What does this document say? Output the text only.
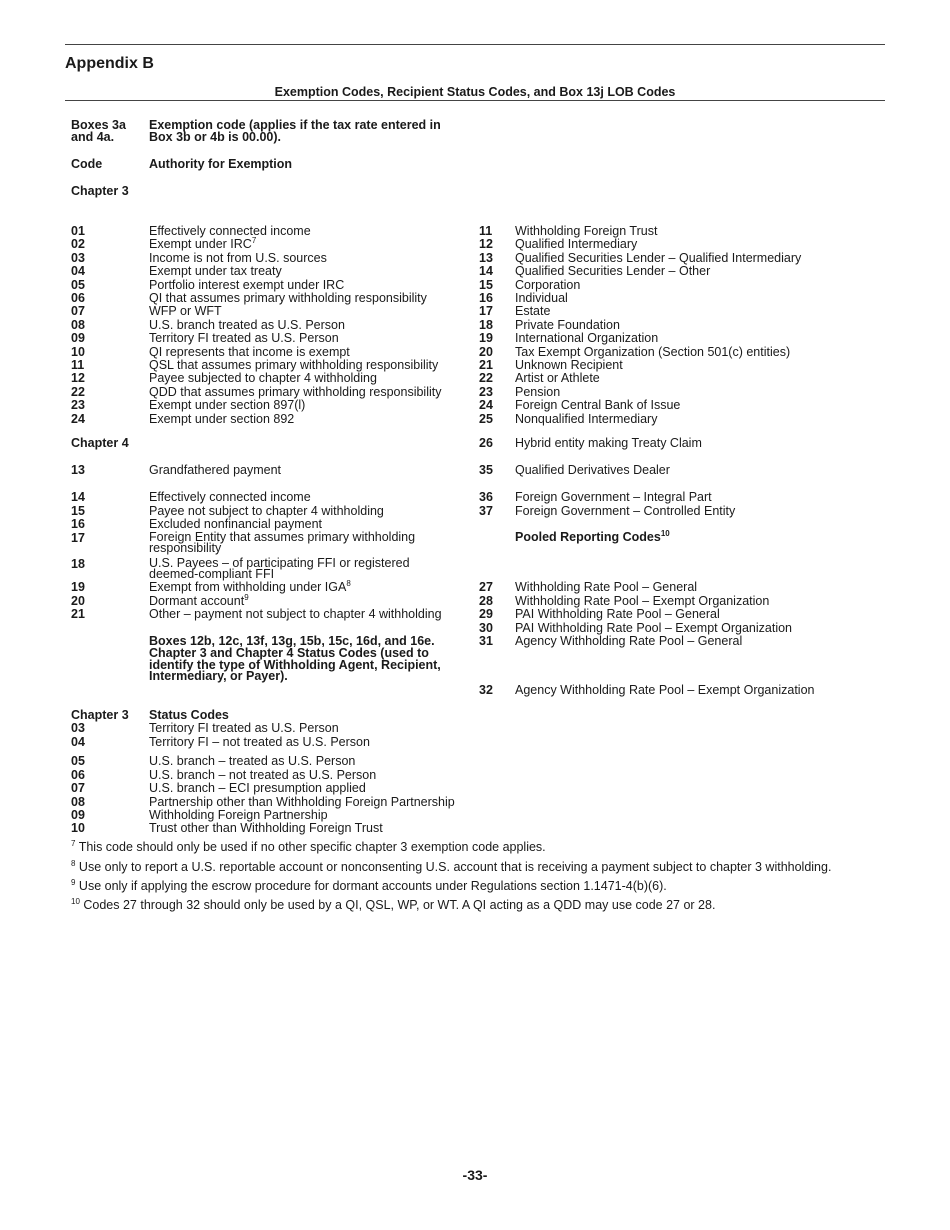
Appendix B
Exemption Codes, Recipient Status Codes, and Box 13j LOB Codes
Boxes 3a and 4a.
Exemption code (applies if the tax rate entered in Box 3b or 4b is 00.00).
Code	Authority for Exemption
Chapter 3
01	Effectively connected income
02	Exempt under IRC$^7$
03	Income is not from U.S. sources
04	Exempt under tax treaty
05	Portfolio interest exempt under IRC
06	QI that assumes primary withholding responsibility
07	WFP or WFT
08	U.S. branch treated as U.S. Person
09	Territory FI treated as U.S. Person
10	QI represents that income is exempt
11	QSL that assumes primary withholding responsibility
12	Payee subjected to chapter 4 withholding
22	QDD that assumes primary withholding responsibility
23	Exempt under section 897(l)
24	Exempt under section 892
Chapter 4
13	Grandfathered payment
14	Effectively connected income
15	Payee not subject to chapter 4 withholding
16	Excluded nonfinancial payment
17	Foreign Entity that assumes primary withholding responsibility
18	U.S. Payees – of participating FFI or registered deemed-compliant FFI
19	Exempt from withholding under IGA$^8$
20	Dormant account$^9$
21	Other – payment not subject to chapter 4 withholding
Boxes 12b, 12c, 13f, 13g, 15b, 15c, 16d, and 16e. Chapter 3 and Chapter 4 Status Codes (used to identify the type of Withholding Agent, Recipient, Intermediary, or Payer).
Chapter 3 Status Codes
03	Territory FI treated as U.S. Person
04	Territory FI – not treated as U.S. Person
05	U.S. branch – treated as U.S. Person
06	U.S. branch – not treated as U.S. Person
07	U.S. branch – ECI presumption applied
08	Partnership other than Withholding Foreign Partnership
09	Withholding Foreign Partnership
10	Trust other than Withholding Foreign Trust
11 Withholding Foreign Trust
12 Qualified Intermediary
13 Qualified Securities Lender – Qualified Intermediary
14 Qualified Securities Lender – Other
15 Corporation
16 Individual
17 Estate
18 Private Foundation
19 International Organization
20 Tax Exempt Organization (Section 501(c) entities)
21 Unknown Recipient
22 Artist or Athlete
23 Pension
24 Foreign Central Bank of Issue
25 Nonqualified Intermediary
26 Hybrid entity making Treaty Claim
35 Qualified Derivatives Dealer
36 Foreign Government – Integral Part
37 Foreign Government – Controlled Entity
Pooled Reporting Codes$^{10}$
27 Withholding Rate Pool – General
28 Withholding Rate Pool – Exempt Organization
29 PAI Withholding Rate Pool – General
30 PAI Withholding Rate Pool – Exempt Organization
31 Agency Withholding Rate Pool – General
32 Agency Withholding Rate Pool – Exempt Organization
$^7$ This code should only be used if no other specific chapter 3 exemption code applies.
$^8$ Use only to report a U.S. reportable account or nonconsenting U.S. account that is receiving a payment subject to chapter 3 withholding.
$^9$ Use only if applying the escrow procedure for dormant accounts under Regulations section 1.1471-4(b)(6).
$^{10}$ Codes 27 through 32 should only be used by a QI, QSL, WP, or WT. A QI acting as a QDD may use code 27 or 28.
-33-
